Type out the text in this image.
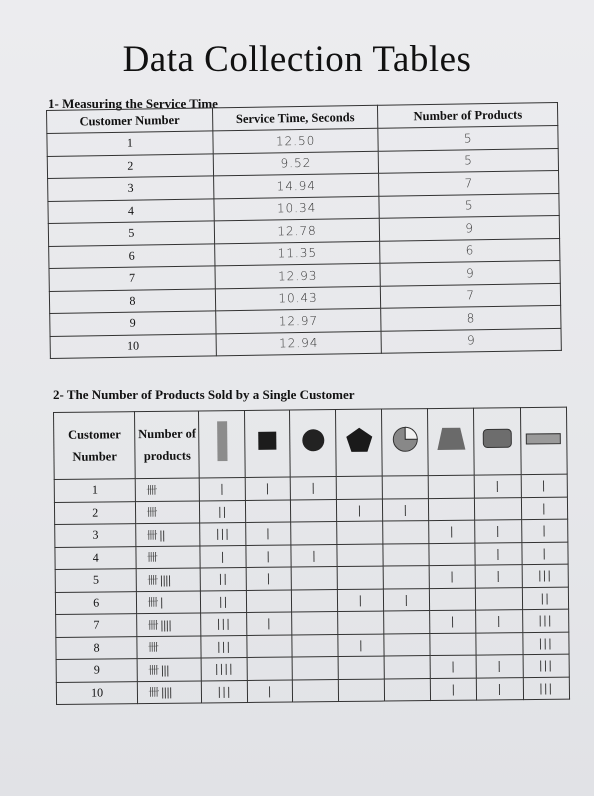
Data Collection Tables
1- Measuring the Service Time
Customer Number	Service Time, Seconds	Number of Products
1	12.50	5
2	9.52	5
3	14.94	7
4	10.34	5
5	12.78	9
6	11.35	6
7	12.93	9
8	10.43	7
9	12.97	8
10	12.94	9
2- The Number of Products Sold by a Single Customer
Customer Number	Number of products								
1	卌	|	|	|				|	|
2	卌	||			|	|			|
3	卌 ||	|||	|				|	|	|
4	卌	|	|	|				|	|
5	卌 ||||	||	|				|	|	|||
6	卌 |	||			|	|			||
7	卌 ||||	|||	|				|	|	|||
8	卌	|||			|				|||
9	卌 |||	||||					|	|	|||
10	卌 ||||	|||	|				|	|	|||
